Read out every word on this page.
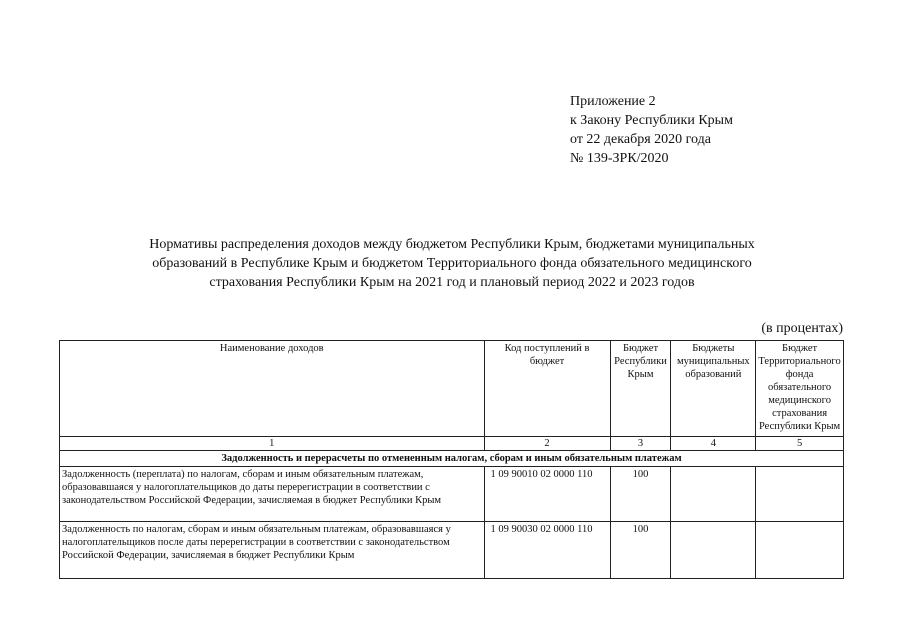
Приложение 2
к Закону Республики Крым
от 22 декабря 2020 года
№ 139-ЗРК/2020
Нормативы распределения доходов между бюджетом Республики Крым, бюджетами муниципальных
образований в Республике Крым и бюджетом Территориального фонда обязательного медицинского
страхования Республики Крым на 2021 год и плановый период 2022 и 2023 годов
(в процентах)
Наименование доходов	Код поступлений в бюджет	Бюджет Республики Крым	Бюджеты муниципальных образований	Бюджет Территориального фонда обязательного медицинского страхования Республики Крым
1	2	3	4	5
Задолженность и перерасчеты по отмененным налогам, сборам и иным обязательным платежам				
Задолженность (переплата) по налогам, сборам и иным обязательным платежам, образовавшаяся у налогоплательщиков до даты перерегистрации в соответствии с законодательством Российской Федерации, зачисляемая в бюджет Республики Крым	1 09 90010 02 0000 110	100		
Задолженность по налогам, сборам и иным обязательным платежам, образовавшаяся у налогоплательщиков после даты перерегистрации в соответствии с законодательством Российской Федерации, зачисляемая в бюджет Республики Крым	1 09 90030 02 0000 110	100		
